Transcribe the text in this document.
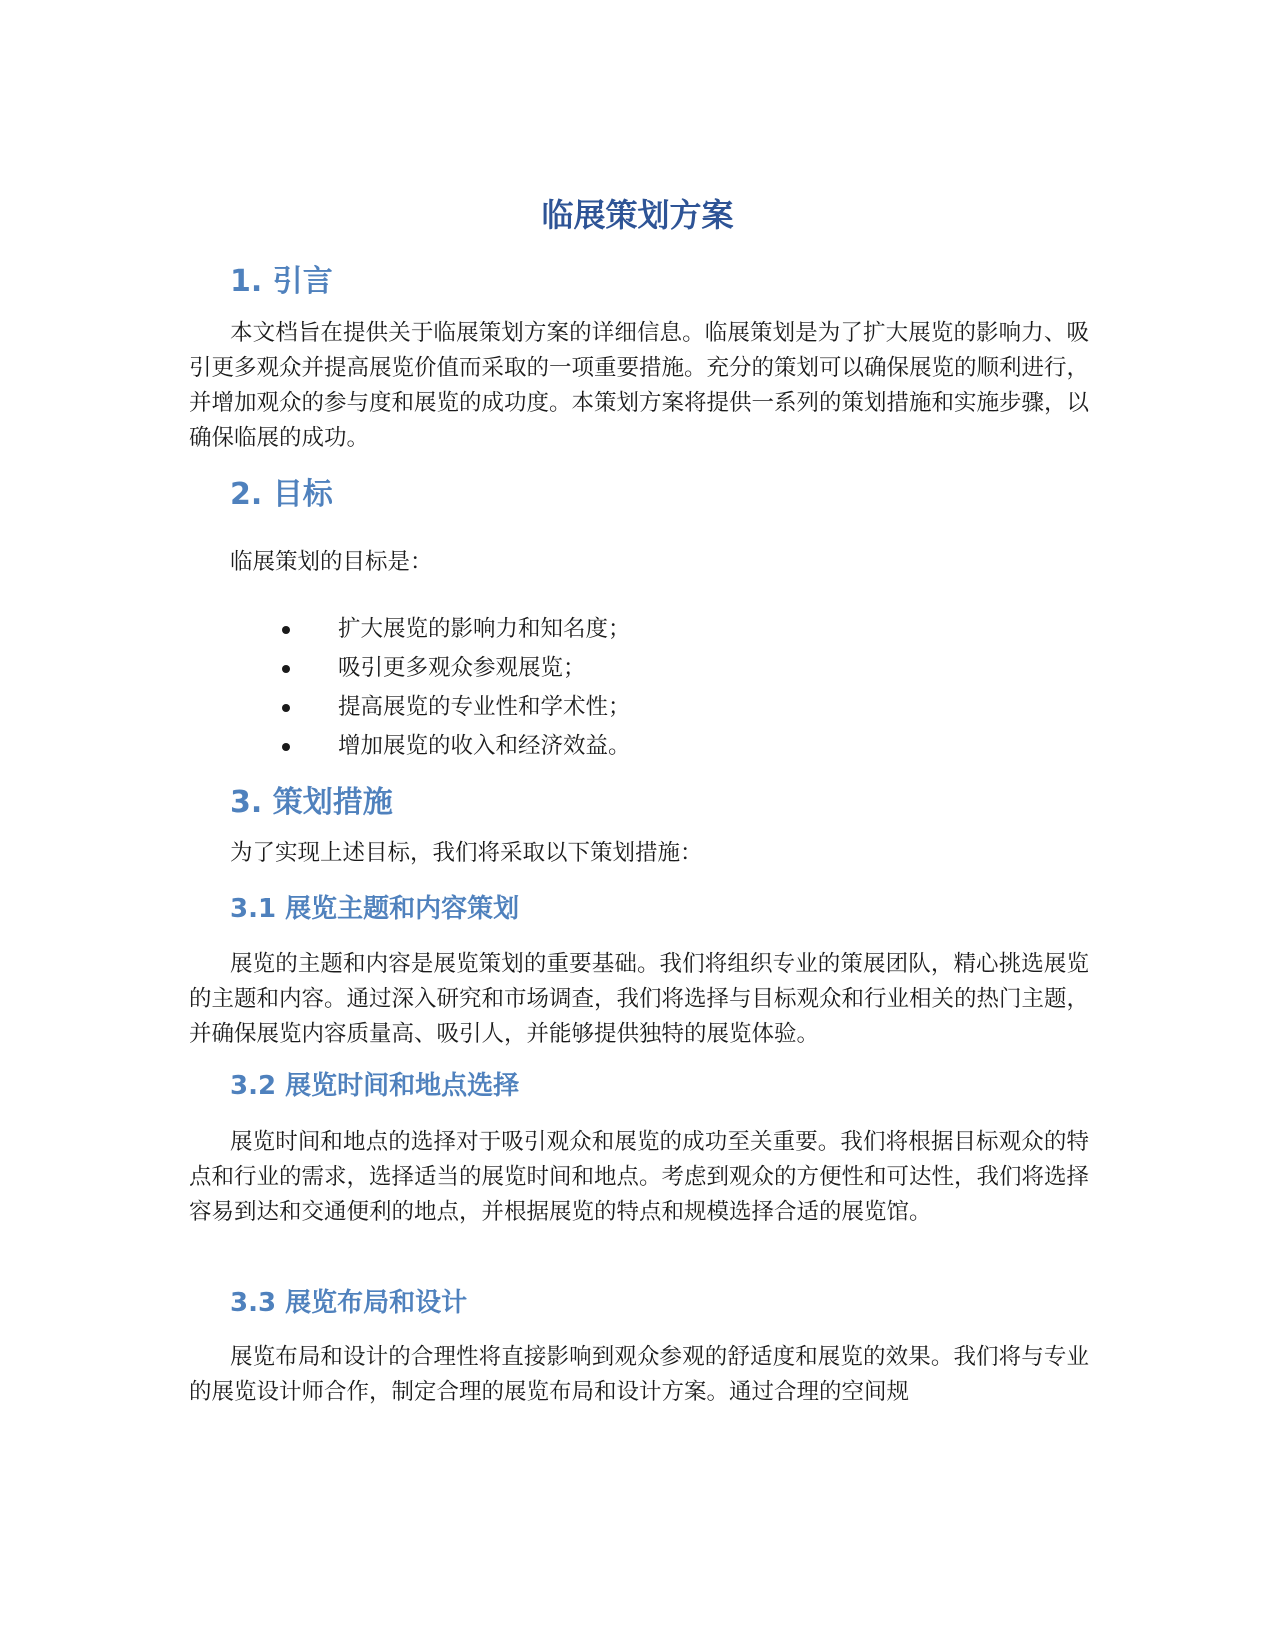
临展策划方案
1. 引言

本文档旨在提供关于临展策划方案的详细信息。临展策划是为了扩大展览的影响力、吸引更多观众并提高展览价值而采取的一项重要措施。充分的策划可以确保展览的顺利进行，并增加观众的参与度和展览的成功度。本策划方案将提供一系列的策划措施和实施步骤，以确保临展的成功。

2. 目标

临展策划的目标是：

扩大展览的影响力和知名度；
吸引更多观众参观展览；
提高展览的专业性和学术性；
增加展览的收入和经济效益。
3. 策划措施

为了实现上述目标，我们将采取以下策划措施：

3.1 展览主题和内容策划

展览的主题和内容是展览策划的重要基础。我们将组织专业的策展团队，精心挑选展览的主题和内容。通过深入研究和市场调查，我们将选择与目标观众和行业相关的热门主题，并确保展览内容质量高、吸引人，并能够提供独特的展览体验。

3.2 展览时间和地点选择

展览时间和地点的选择对于吸引观众和展览的成功至关重要。我们将根据目标观众的特点和行业的需求，选择适当的展览时间和地点。考虑到观众的方便性和可达性，我们将选择容易到达和交通便利的地点，并根据展览的特点和规模选择合适的展览馆。

3.3 展览布局和设计

展览布局和设计的合理性将直接影响到观众参观的舒适度和展览的效果。我们将与专业的展览设计师合作，制定合理的展览布局和设计方案。通过合理的空间规
